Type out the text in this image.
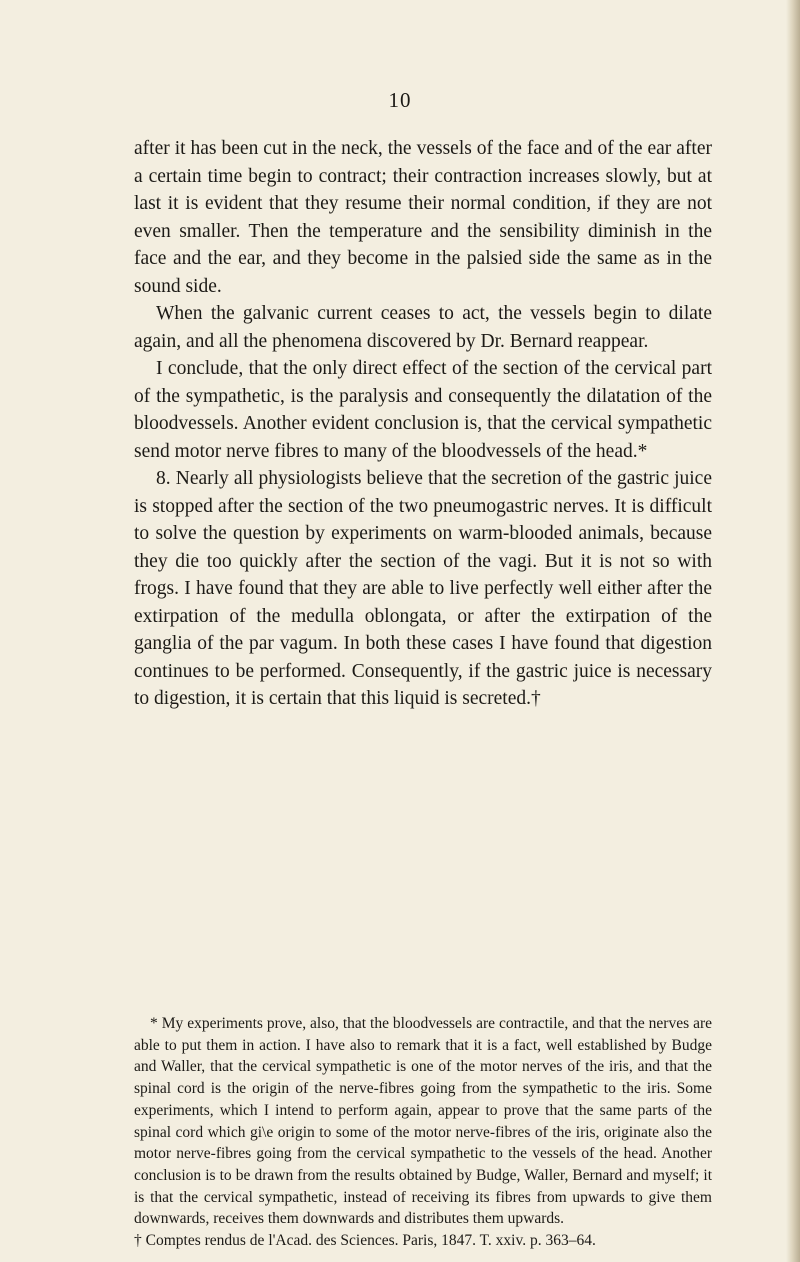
10

after it has been cut in the neck, the vessels of the face and of the ear after a certain time begin to contract; their contraction increases slowly, but at last it is evident that they resume their normal condition, if they are not even smaller. Then the temperature and the sensibility diminish in the face and the ear, and they become in the palsied side the same as in the sound side.

When the galvanic current ceases to act, the vessels begin to dilate again, and all the phenomena discovered by Dr. Bernard reappear.

I conclude, that the only direct effect of the section of the cervical part of the sympathetic, is the paralysis and consequently the dilatation of the bloodvessels. Another evident conclusion is, that the cervical sympathetic send motor nerve fibres to many of the bloodvessels of the head.*

8. Nearly all physiologists believe that the secretion of the gastric juice is stopped after the section of the two pneumogastric nerves. It is difficult to solve the question by experiments on warm-blooded animals, because they die too quickly after the section of the vagi. But it is not so with frogs. I have found that they are able to live perfectly well either after the extirpation of the medulla oblongata, or after the extirpation of the ganglia of the par vagum. In both these cases I have found that digestion continues to be performed. Consequently, if the gastric juice is necessary to digestion, it is certain that this liquid is secreted.†

* My experiments prove, also, that the bloodvessels are contractile, and that the nerves are able to put them in action. I have also to remark that it is a fact, well established by Budge and Waller, that the cervical sympathetic is one of the motor nerves of the iris, and that the spinal cord is the origin of the nerve-fibres going from the sympathetic to the iris. Some experiments, which I intend to perform again, appear to prove that the same parts of the spinal cord which gi\e origin to some of the motor nerve-fibres of the iris, originate also the motor nerve-fibres going from the cervical sympathetic to the vessels of the head. Another conclusion is to be drawn from the results obtained by Budge, Waller, Bernard and myself; it is that the cervical sympathetic, instead of receiving its fibres from upwards to give them downwards, receives them downwards and distributes them upwards.

† Comptes rendus de l'Acad. des Sciences. Paris, 1847. T. xxiv. p. 363–64.
